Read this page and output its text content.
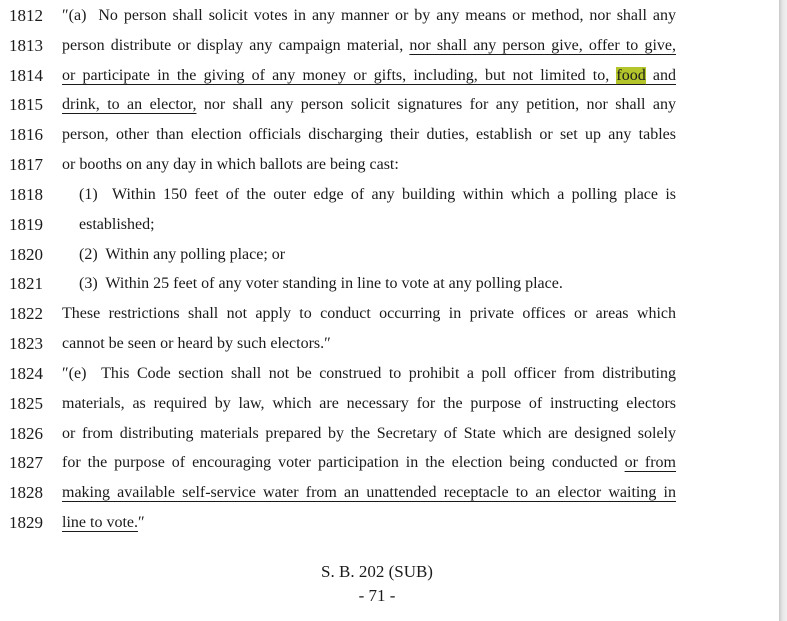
1812	″(a)  No person shall solicit votes in any manner or by any means or method, nor shall any
1813	person distribute or display any campaign material, nor shall any person give, offer to give,
1814	or participate in the giving of any money or gifts, including, but not limited to, food and
1815	drink, to an elector, nor shall any person solicit signatures for any petition, nor shall any
1816	person, other than election officials discharging their duties, establish or set up any tables
1817	or booths on any day in which ballots are being cast:
1818	(1)  Within 150 feet of the outer edge of any building within which a polling place is
1819	established;
1820	(2)  Within any polling place; or
1821	(3)  Within 25 feet of any voter standing in line to vote at any polling place.
1822	These restrictions shall not apply to conduct occurring in private offices or areas which
1823	cannot be seen or heard by such electors.″
1824	″(e)  This Code section shall not be construed to prohibit a poll officer from distributing
1825	materials, as required by law, which are necessary for the purpose of instructing electors
1826	or from distributing materials prepared by the Secretary of State which are designed solely
1827	for the purpose of encouraging voter participation in the election being conducted or from
1828	making available self-service water from an unattended receptacle to an elector waiting in
1829	line to vote.″
S. B. 202 (SUB)
- 71 -
